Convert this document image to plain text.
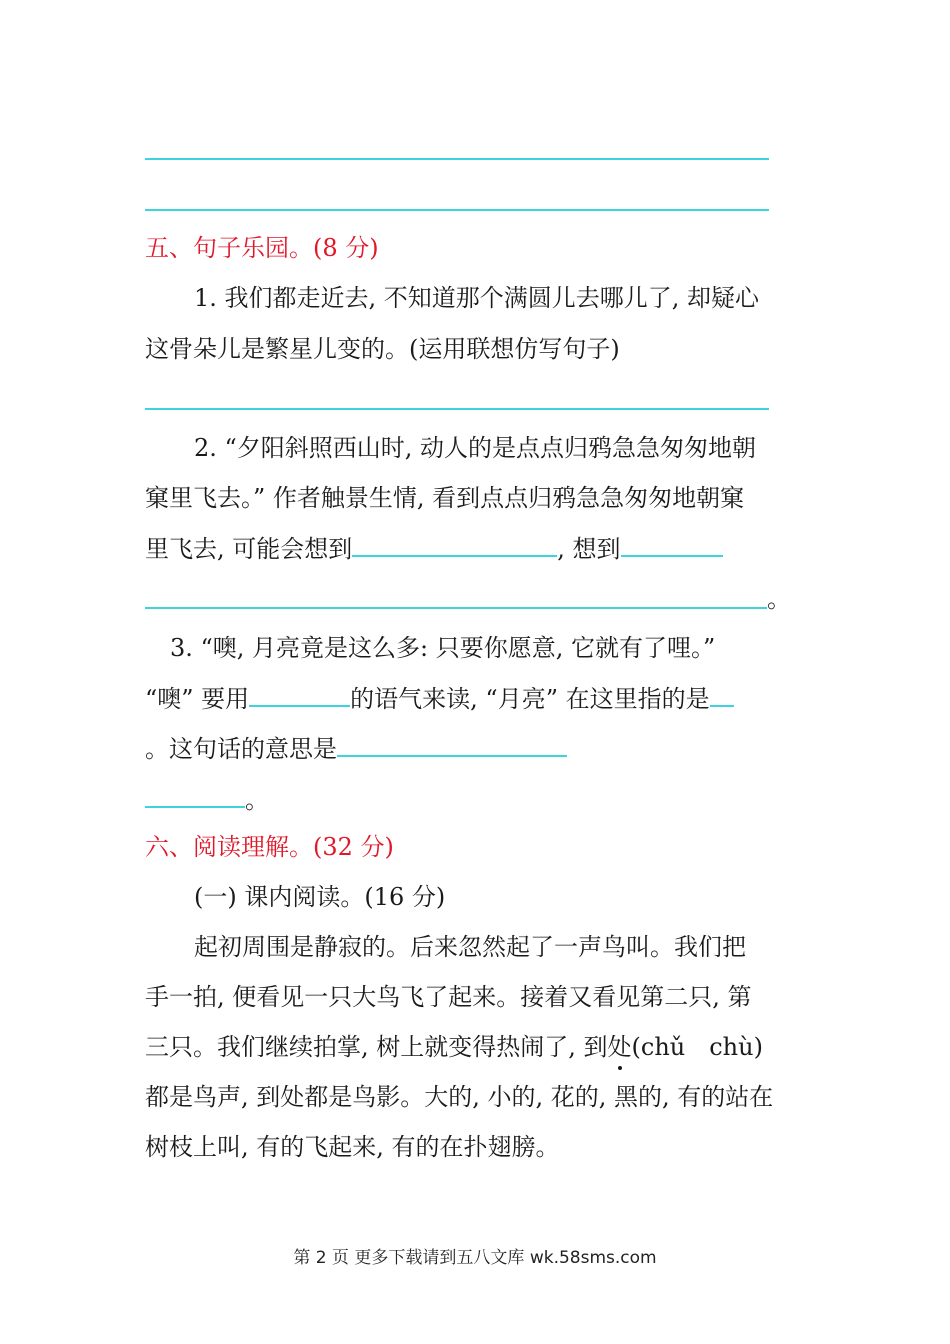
五、句子乐园。(8 分)
1. 我们都走近去, 不知道那个满圆儿去哪儿了, 却疑心
这骨朵儿是繁星儿变的。(运用联想仿写句子)
2. “夕阳斜照西山时, 动人的是点点归鸦急急匆匆地朝
窠里飞去。” 作者触景生情, 看到点点归鸦急急匆匆地朝窠
里飞去, 可能会想到	, 想到
。
3. “噢, 月亮竟是这么多: 只要你愿意, 它就有了哩。”
“噢” 要用	的语气来读, “月亮” 在这里指的是
。这句话的意思是
。
六、阅读理解。(32 分)
(一) 课内阅读。(16 分)
起初周围是静寂的。后来忽然起了一声鸟叫。我们把
手一拍, 便看见一只大鸟飞了起来。接着又看见第二只, 第
三只。我们继续拍掌, 树上就变得热闹了, 到处(chǔ　chù)
都是鸟声, 到处都是鸟影。大的, 小的, 花的, 黑的, 有的站在
树枝上叫, 有的飞起来, 有的在扑翅膀。
第 2 页 更多下载请到五八文库 wk.58sms.com
